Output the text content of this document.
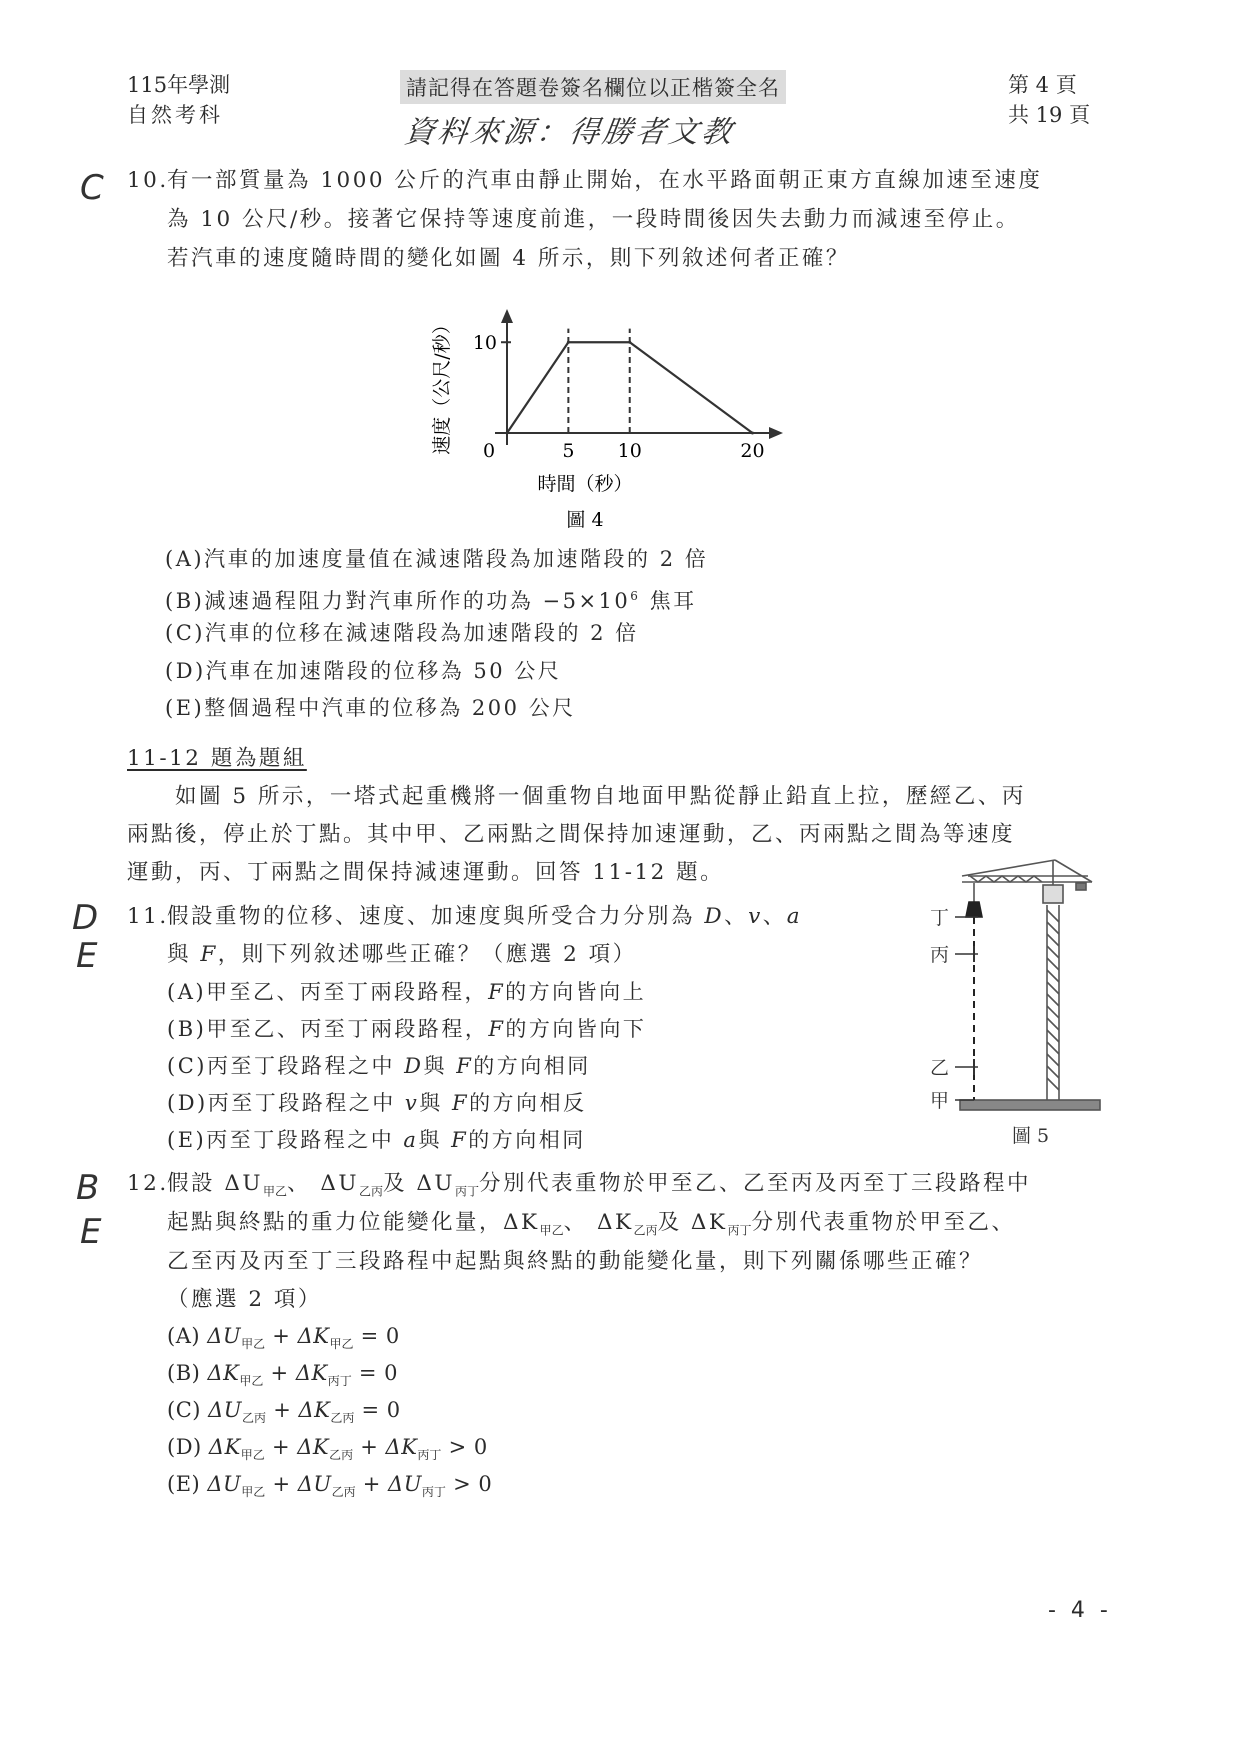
115年學測
自然考科
請記得在答題卷簽名欄位以正楷簽全名
資料來源：得勝者文教
第 4 頁
共 19 頁
C 10.
有一部質量為 1000 公斤的汽車由靜止開始，在水平路面朝正東方直線加速至速度
為 10 公尺/秒。接著它保持等速度前進，一段時間後因失去動力而減速至停止。
若汽車的速度隨時間的變化如圖 4 所示，則下列敘述何者正確？
0	5 10	20
10
速度（公尺/秒）
時間（秒）
圖 4
(A)汽車的加速度量值在減速階段為加速階段的 2 倍
(B)減速過程阻力對汽車所作的功為 $-5\times 10^6$ 焦耳
(C)汽車的位移在減速階段為加速階段的 2 倍
(D)汽車在加速階段的位移為 50 公尺
(E)整個過程中汽車的位移為 200 公尺
11-12 題為題組
如圖 5 所示，一塔式起重機將一個重物自地面甲點從靜止鉛直上拉，歷經乙、丙
兩點後，停止於丁點。其中甲、乙兩點之間保持加速運動，乙、丙兩點之間為等速度
運動，丙、丁兩點之間保持減速運動。回答 11-12 題。
丁
丙
乙
甲
圖 5
D
E
11.
假設重物的位移、速度、加速度與所受合力分別為 D、v、a
與 F，則下列敘述哪些正確？（應選 2 項）
(A)甲至乙、丙至丁兩段路程，F的方向皆向上
(B)甲至乙、丙至丁兩段路程，F的方向皆向下
(C)丙至丁段路程之中 D與 F的方向相同
(D)丙至丁段路程之中 v與 F的方向相反
(E)丙至丁段路程之中 a與 F的方向相同
B
E
12.
假設 $\Delta U_{甲乙}$、 $\Delta U_{乙丙}$及 $\Delta U_{丙丁}$分別代表重物於甲至乙、乙至丙及丙至丁三段路程中
起點與終點的重力位能變化量，$\Delta K_{甲乙}$、 $\Delta K_{乙丙}$及 $\Delta K_{丙丁}$分別代表重物於甲至乙、
乙至丙及丙至丁三段路程中起點與終點的動能變化量，則下列關係哪些正確？
（應選 2 項）
(A) $\Delta U_{甲乙} + \Delta K_{甲乙} = 0$
(B) $\Delta K_{甲乙} + \Delta K_{丙丁} = 0$
(C) $\Delta U_{乙丙} + \Delta K_{乙丙} = 0$
(D) $\Delta K_{甲乙} + \Delta K_{乙丙} + \Delta K_{丙丁} > 0$
(E) $\Delta U_{甲乙} + \Delta U_{乙丙} + \Delta U_{丙丁} > 0$
- 4 -
